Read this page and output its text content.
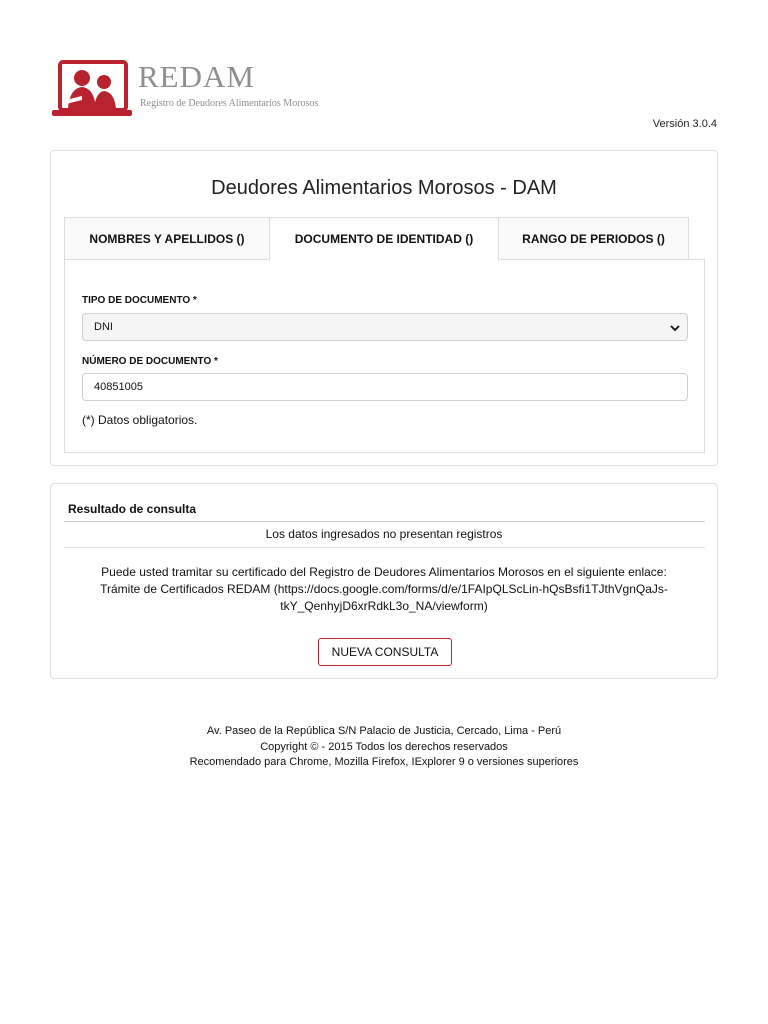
REDAM
Registro de Deudores Alimentarios Morosos
Versión 3.0.4
Deudores Alimentarios Morosos - DAM
NOMBRES Y APELLIDOS ()	DOCUMENTO DE IDENTIDAD ()	RANGO DE PERIODOS ()
TIPO DE DOCUMENTO *
DNI
NÚMERO DE DOCUMENTO *
40851005
(*) Datos obligatorios.
Resultado de consulta
Los datos ingresados no presentan registros
Puede usted tramitar su certificado del Registro de Deudores Alimentarios Morosos en el siguiente enlace: Trámite de Certificados REDAM (https://docs.google.com/forms/d/e/1FAIpQLScLin-hQsBsfi1TJthVgnQaJs-tkY_QenhyjD6xrRdkL3o_NA/viewform)
NUEVA CONSULTA
Av. Paseo de la República S/N Palacio de Justicia, Cercado, Lima - Perú
Copyright © - 2015 Todos los derechos reservados
Recomendado para Chrome, Mozilla Firefox, IExplorer 9 o versiones superiores
